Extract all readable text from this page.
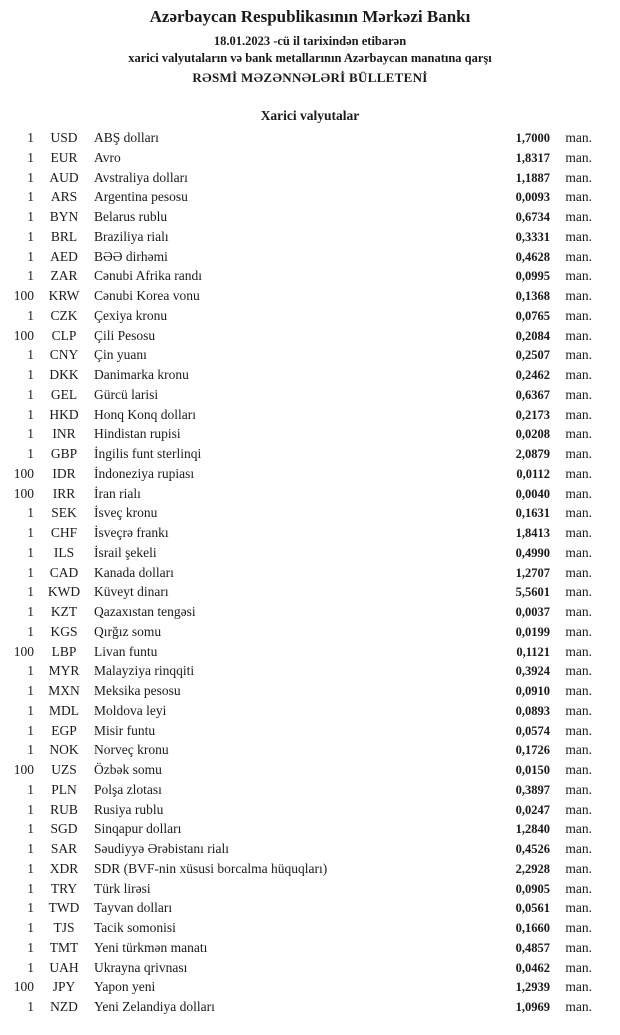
Azərbaycan Respublikasının Mərkəzi Bankı
18.01.2023 -cü il tarixindən etibarən
xarici valyutaların və bank metallarının Azərbaycan manatına qarşı
RƏSMİ MƏZƏNNƏLƏRİ BÜLLETENİ
Xarici valyutalar
1	USD	ABŞ dolları	1,7000	man.
1	EUR	Avro	1,8317	man.
1	AUD	Avstraliya dolları	1,1887	man.
1	ARS	Argentina pesosu	0,0093	man.
1	BYN	Belarus rublu	0,6734	man.
1	BRL	Braziliya rialı	0,3331	man.
1	AED	BƏƏ dirhəmi	0,4628	man.
1	ZAR	Cənubi Afrika randı	0,0995	man.
100	KRW	Cənubi Korea vonu	0,1368	man.
1	CZK	Çexiya kronu	0,0765	man.
100	CLP	Çili Pesosu	0,2084	man.
1	CNY	Çin yuanı	0,2507	man.
1	DKK	Danimarka kronu	0,2462	man.
1	GEL	Gürcü larisi	0,6367	man.
1	HKD	Honq Konq dolları	0,2173	man.
1	INR	Hindistan rupisi	0,0208	man.
1	GBP	İngilis funt sterlinqi	2,0879	man.
100	IDR	İndoneziya rupiası	0,0112	man.
100	IRR	İran rialı	0,0040	man.
1	SEK	İsveç kronu	0,1631	man.
1	CHF	İsveçrə frankı	1,8413	man.
1	ILS	İsrail şekeli	0,4990	man.
1	CAD	Kanada dolları	1,2707	man.
1	KWD	Küveyt dinarı	5,5601	man.
1	KZT	Qazaxıstan tengəsi	0,0037	man.
1	KGS	Qırğız somu	0,0199	man.
100	LBP	Livan funtu	0,1121	man.
1	MYR	Malayziya rinqqiti	0,3924	man.
1	MXN	Meksika pesosu	0,0910	man.
1	MDL	Moldova leyi	0,0893	man.
1	EGP	Misir funtu	0,0574	man.
1	NOK	Norveç kronu	0,1726	man.
100	UZS	Özbək somu	0,0150	man.
1	PLN	Polşa zlotası	0,3897	man.
1	RUB	Rusiya rublu	0,0247	man.
1	SGD	Sinqapur dolları	1,2840	man.
1	SAR	Səudiyyə Ərəbistanı rialı	0,4526	man.
1	XDR	SDR (BVF-nin xüsusi borcalma hüquqları)	2,2928	man.
1	TRY	Türk lirəsi	0,0905	man.
1	TWD	Tayvan dolları	0,0561	man.
1	TJS	Tacik somonisi	0,1660	man.
1	TMT	Yeni türkmən manatı	0,4857	man.
1	UAH	Ukrayna qrivnası	0,0462	man.
100	JPY	Yapon yeni	1,2939	man.
1	NZD	Yeni Zelandiya dolları	1,0969	man.
